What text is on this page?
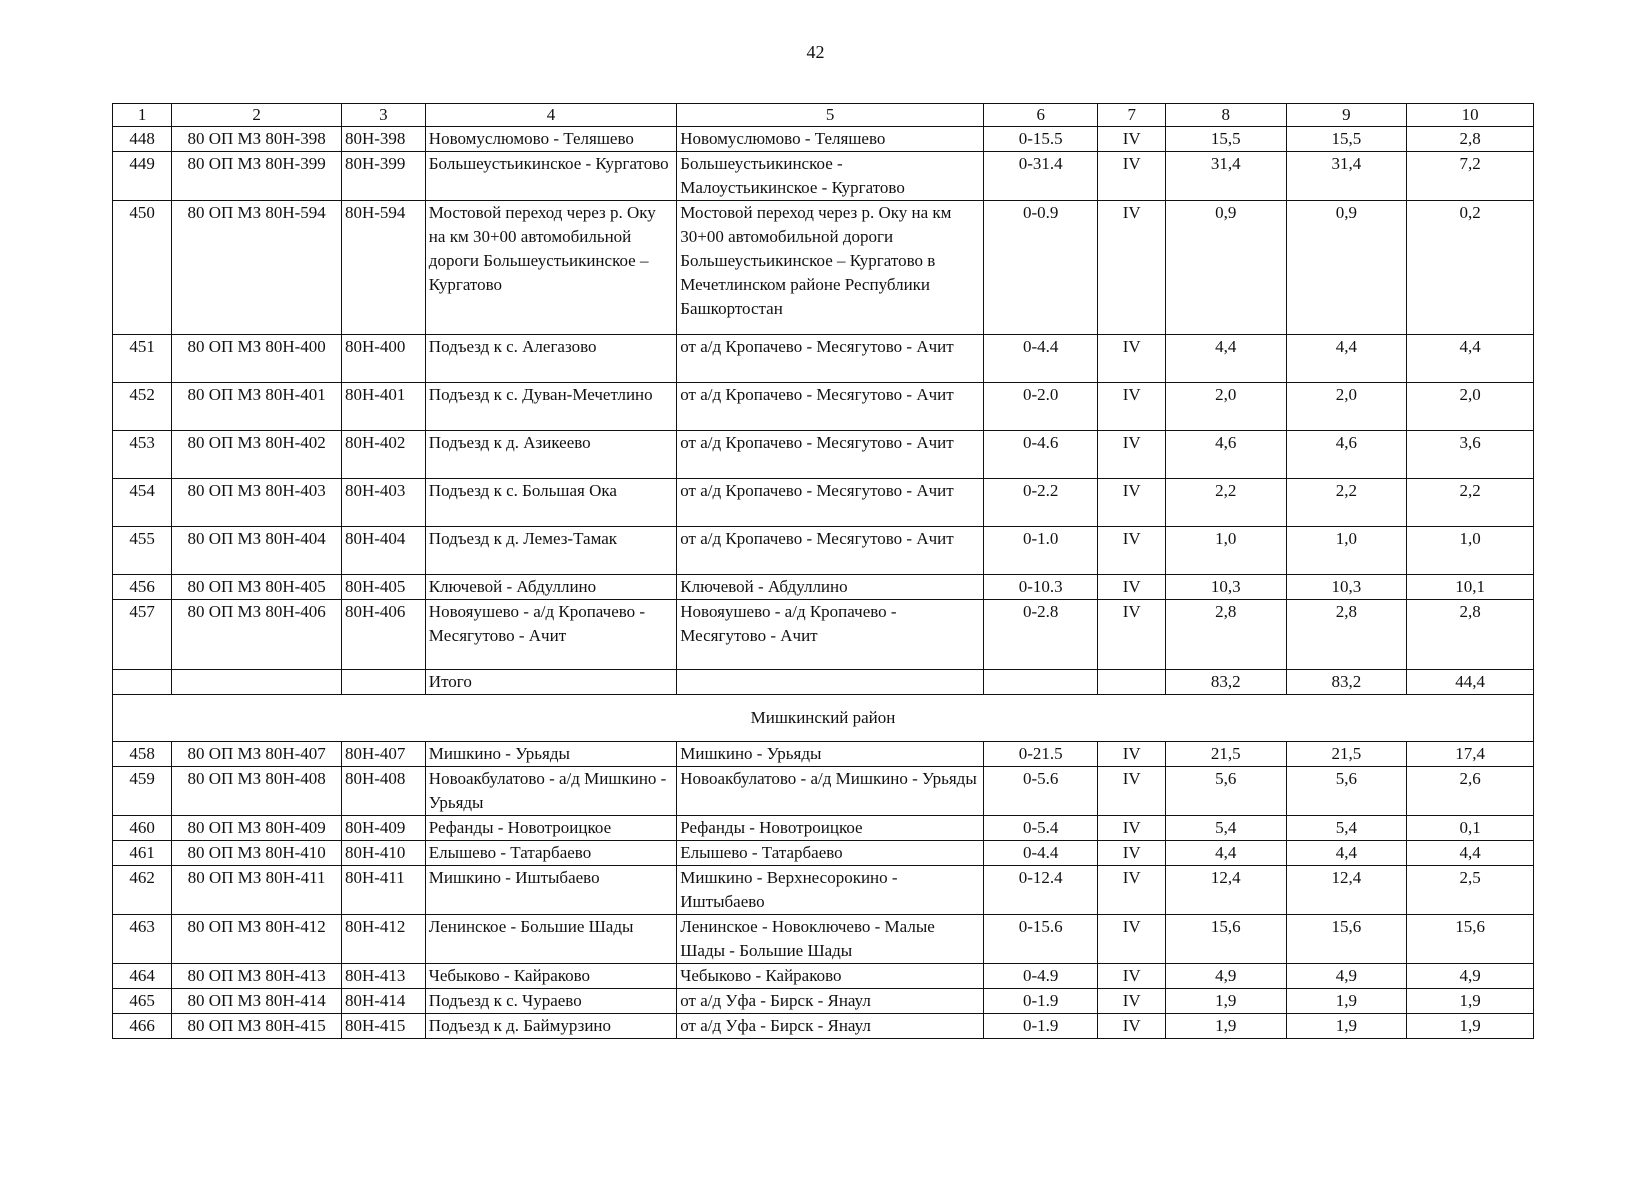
42
1	2	3	4	5	6	7	8	9	10
448	80 ОП МЗ 80Н-398	80Н-398	Новомуслюмово - Теляшево	Новомуслюмово - Теляшево	0-15.5	IV	15,5	15,5	2,8
449	80 ОП МЗ 80Н-399	80Н-399	Большеустьикинское - Кургатово	Большеустьикинское - Малоустьикинское - Кургатово	0-31.4	IV	31,4	31,4	7,2
450	80 ОП МЗ 80Н-594	80Н-594	Мостовой переход через р. Оку на км 30+00 автомобильной дороги Большеустьикинское – Кургатово	Мостовой переход через р. Оку на км 30+00 автомобильной дороги Большеустьикинское – Кургатово в Мечетлинском районе Республики Башкортостан	0-0.9	IV	0,9	0,9	0,2
451	80 ОП МЗ 80Н-400	80Н-400	Подъезд к с. Алегазово	от а/д Кропачево - Месягутово - Ачит	0-4.4	IV	4,4	4,4	4,4
452	80 ОП МЗ 80Н-401	80Н-401	Подъезд к с. Дуван-Мечетлино	от а/д Кропачево - Месягутово - Ачит	0-2.0	IV	2,0	2,0	2,0
453	80 ОП МЗ 80Н-402	80Н-402	Подъезд к д. Азикеево	от а/д Кропачево - Месягутово - Ачит	0-4.6	IV	4,6	4,6	3,6
454	80 ОП МЗ 80Н-403	80Н-403	Подъезд к с. Большая Ока	от а/д Кропачево - Месягутово - Ачит	0-2.2	IV	2,2	2,2	2,2
455	80 ОП МЗ 80Н-404	80Н-404	Подъезд к д. Лемез-Тамак	от а/д Кропачево - Месягутово - Ачит	0-1.0	IV	1,0	1,0	1,0
456	80 ОП МЗ 80Н-405	80Н-405	Ключевой - Абдуллино	Ключевой - Абдуллино	0-10.3	IV	10,3	10,3	10,1
457	80 ОП МЗ 80Н-406	80Н-406	Новояушево - а/д Кропачево - Месягутово - Ачит	Новояушево - а/д Кропачево - Месягутово - Ачит	0-2.8	IV	2,8	2,8	2,8
			Итого				83,2	83,2	44,4
Мишкинский район									
458	80 ОП МЗ 80Н-407	80Н-407	Мишкино - Урьяды	Мишкино - Урьяды	0-21.5	IV	21,5	21,5	17,4
459	80 ОП МЗ 80Н-408	80Н-408	Новоакбулатово - а/д Мишкино - Урьяды	Новоакбулатово - а/д Мишкино - Урьяды	0-5.6	IV	5,6	5,6	2,6
460	80 ОП МЗ 80Н-409	80Н-409	Рефанды - Новотроицкое	Рефанды - Новотроицкое	0-5.4	IV	5,4	5,4	0,1
461	80 ОП МЗ 80Н-410	80Н-410	Елышево - Татарбаево	Елышево - Татарбаево	0-4.4	IV	4,4	4,4	4,4
462	80 ОП МЗ 80Н-411	80Н-411	Мишкино - Иштыбаево	Мишкино - Верхнесорокино - Иштыбаево	0-12.4	IV	12,4	12,4	2,5
463	80 ОП МЗ 80Н-412	80Н-412	Ленинское - Большие Шады	Ленинское - Новоключево - Малые Шады - Большие Шады	0-15.6	IV	15,6	15,6	15,6
464	80 ОП МЗ 80Н-413	80Н-413	Чебыково - Кайраково	Чебыково - Кайраково	0-4.9	IV	4,9	4,9	4,9
465	80 ОП МЗ 80Н-414	80Н-414	Подъезд к с. Чураево	от а/д Уфа - Бирск - Янаул	0-1.9	IV	1,9	1,9	1,9
466	80 ОП МЗ 80Н-415	80Н-415	Подъезд к д. Баймурзино	от а/д Уфа - Бирск - Янаул	0-1.9	IV	1,9	1,9	1,9
